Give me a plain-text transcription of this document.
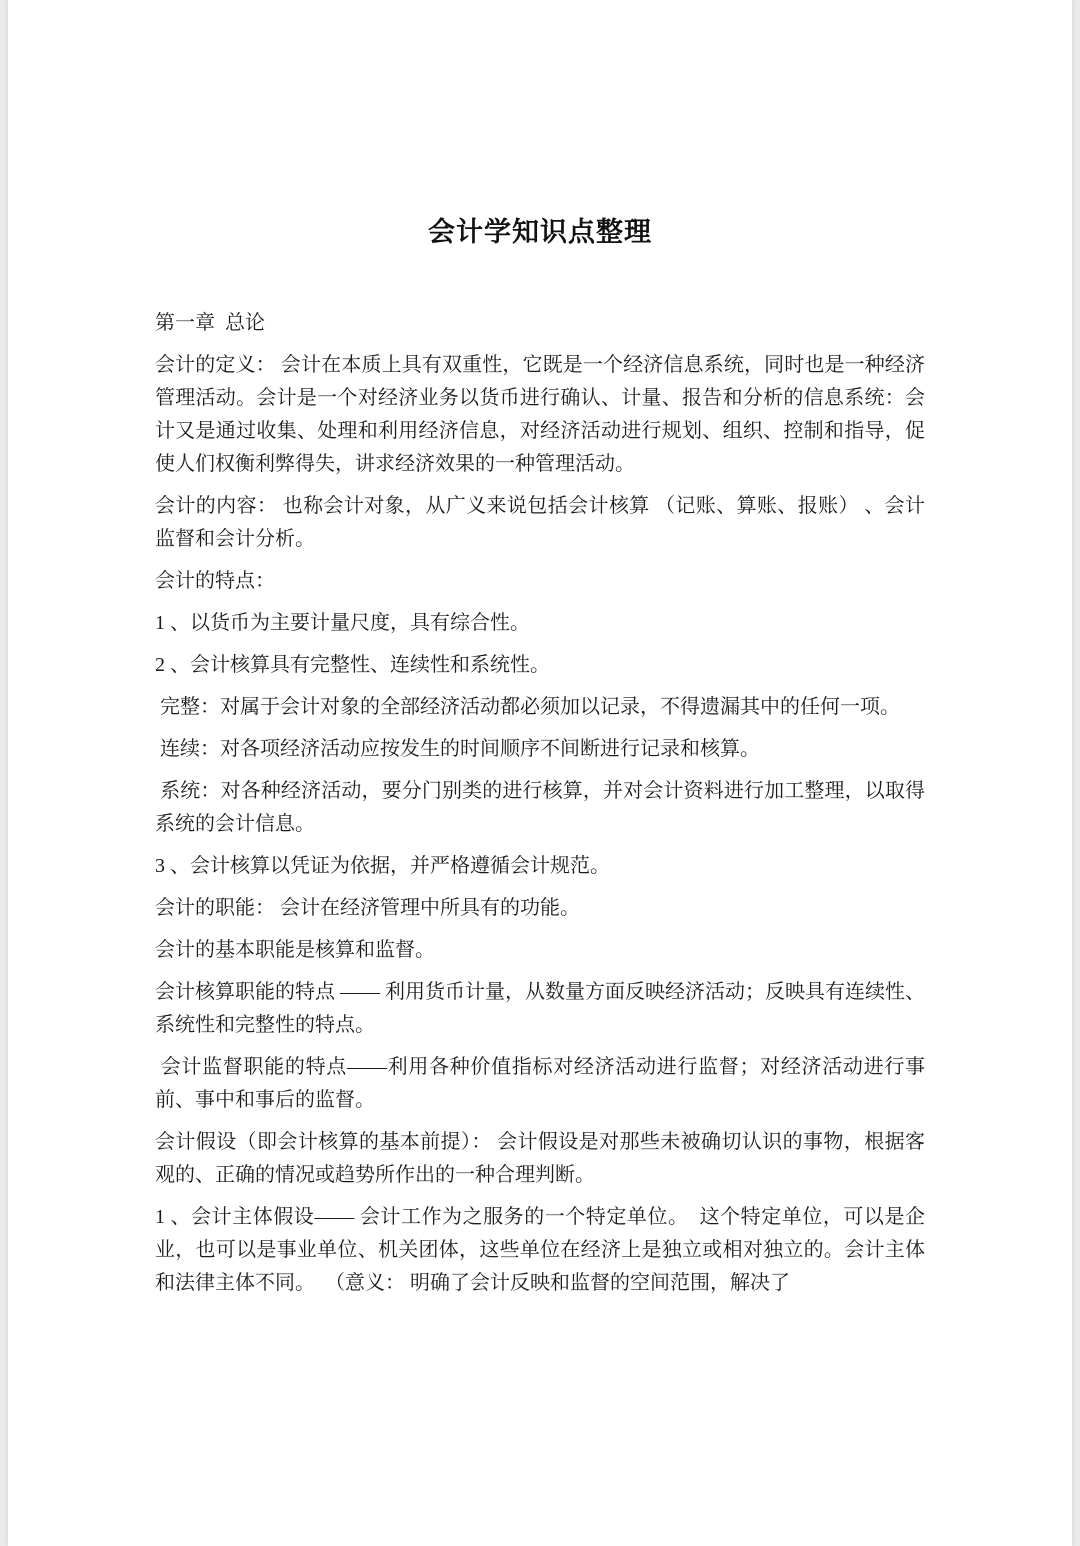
会计学知识点整理

第一章  总论

会计的定义： 会计在本质上具有双重性，它既是一个经济信息系统，同时也是一种经济管理活动。会计是一个对经济业务以货币进行确认、计量、报告和分析的信息系统：会计又是通过收集、处理和利用经济信息，对经济活动进行规划、组织、控制和指导，促使人们权衡利弊得失，讲求经济效果的一种管理活动。

会计的内容： 也称会计对象，从广义来说包括会计核算 （记账、算账、报账） 、会计监督和会计分析。

会计的特点：

1 、以货币为主要计量尺度，具有综合性。

2 、会计核算具有完整性、连续性和系统性。

完整：对属于会计对象的全部经济活动都必须加以记录，不得遗漏其中的任何一项。

连续：对各项经济活动应按发生的时间顺序不间断进行记录和核算。

系统：对各种经济活动，要分门别类的进行核算，并对会计资料进行加工整理，以取得系统的会计信息。

3 、会计核算以凭证为依据，并严格遵循会计规范。

会计的职能： 会计在经济管理中所具有的功能。

会计的基本职能是核算和监督。

会计核算职能的特点 —— 利用货币计量，从数量方面反映经济活动；反映具有连续性、系统性和完整性的特点。

会计监督职能的特点——利用各种价值指标对经济活动进行监督；对经济活动进行事前、事中和事后的监督。

会计假设（即会计核算的基本前提）： 会计假设是对那些未被确切认识的事物，根据客观的、正确的情况或趋势所作出的一种合理判断。

1 、会计主体假设—— 会计工作为之服务的一个特定单位。  这个特定单位，可以是企业，也可以是事业单位、机关团体，这些单位在经济上是独立或相对独立的。会计主体和法律主体不同。  （意义： 明确了会计反映和监督的空间范围，解决了
